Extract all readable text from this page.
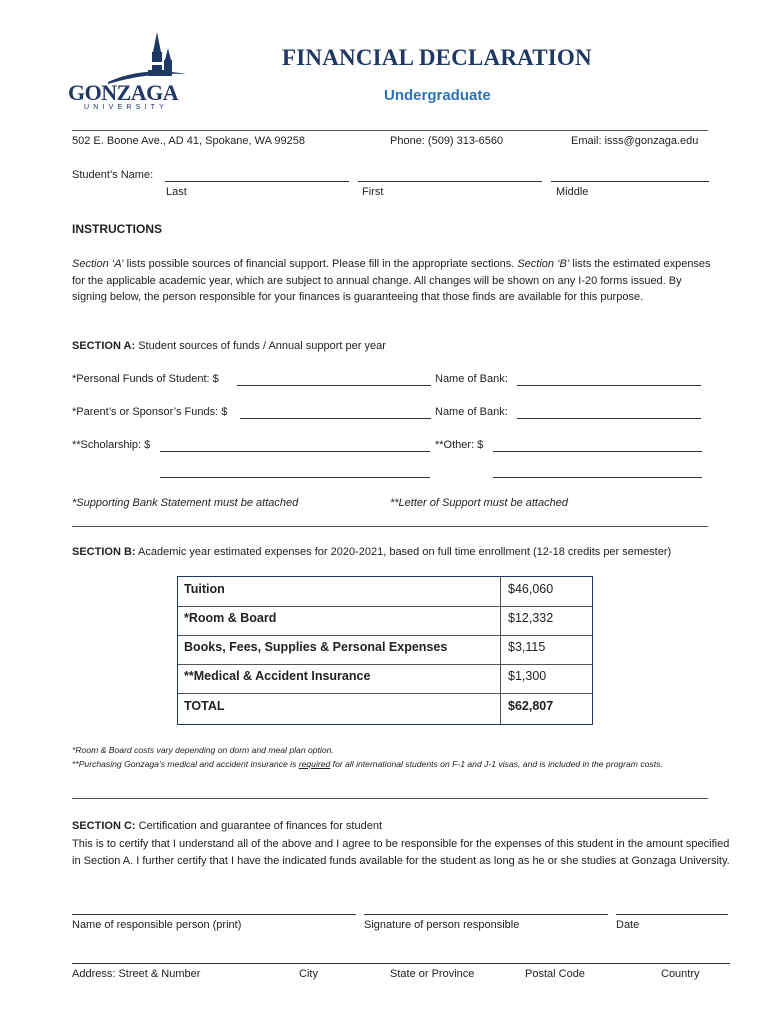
GONZAGA
UNIVERSITY
FINANCIAL DECLARATION
Undergraduate
502 E. Boone Ave., AD 41, Spokane, WA 99258	Phone: (509) 313-6560	Email: isss@gonzaga.edu
Student’s Name:
Last	First	Middle
INSTRUCTIONS
Section ‘A’ lists possible sources of financial support. Please fill in the appropriate sections. Section ‘B’ lists the estimated expenses for the applicable academic year, which are subject to annual change. All changes will be shown on any I-20 forms issued. By signing below, the person responsible for your finances is guaranteeing that those finds are available for this purpose.
SECTION A: Student sources of funds / Annual support per year
*Personal Funds of Student: $	Name of Bank:
*Parent’s or Sponsor’s Funds: $	Name of Bank:
**Scholarship: $	**Other: $
*Supporting Bank Statement must be attached	**Letter of Support must be attached
SECTION B: Academic year estimated expenses for 2020-2021, based on full time enrollment (12-18 credits per semester)
Tuition	$46,060
*Room & Board	$12,332
Books, Fees, Supplies & Personal Expenses	$3,115
**Medical & Accident Insurance	$1,300
TOTAL	$62,807
*Room & Board costs vary depending on dorm and meal plan option.
**Purchasing Gonzaga’s medical and accident insurance is required for all international students on F-1 and J-1 visas, and is included in the program costs.
SECTION C: Certification and guarantee of finances for student
This is to certify that I understand all of the above and I agree to be responsible for the expenses of this student in the amount specified in Section A. I further certify that I have the indicated funds available for the student as long as he or she studies at Gonzaga University.
Name of responsible person (print)	Signature of person responsible	Date
Address: Street & Number	City	State or Province	Postal Code	Country
